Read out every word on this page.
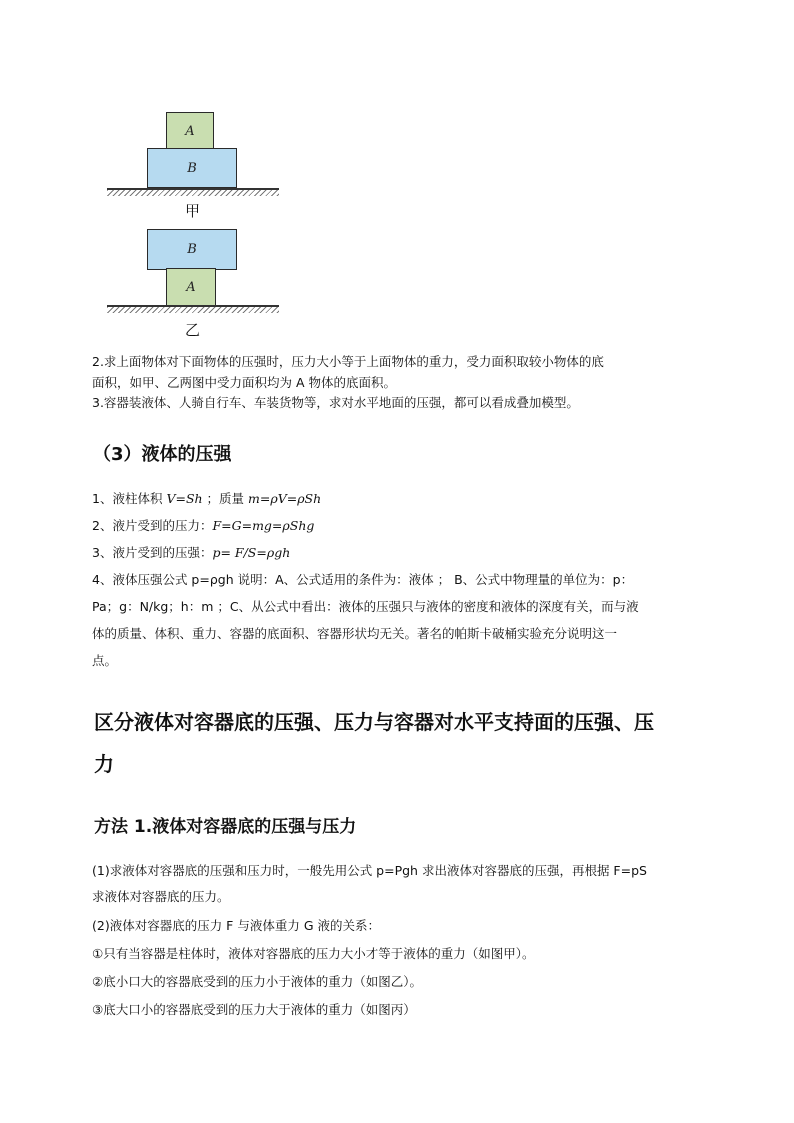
A
B
甲
B
A
乙
2.求上面物体对下面物体的压强时，压力大小等于上面物体的重力，受力面积取较小物体的底
面积，如甲、乙两图中受力面积均为 A 物体的底面积。
3.容器装液体、人骑自行车、车装货物等，求对水平地面的压强，都可以看成叠加模型。
（3）液体的压强
1、液柱体积 V=Sh ；质量 m=ρV=ρSh
2、液片受到的压力：F=G=mg=ρShg
3、液片受到的压强：p= F/S=ρgh
4、液体压强公式 p=ρgh 说明：A、公式适用的条件为：液体 ； B、公式中物理量的单位为：p：
Pa；g：N/kg；h：m ；C、从公式中看出：液体的压强只与液体的密度和液体的深度有关，而与液
体的质量、体积、重力、容器的底面积、容器形状均无关。著名的帕斯卡破桶实验充分说明这一
点。
区分液体对容器底的压强、压力与容器对水平支持面的压强、压
力
方法 1.液体对容器底的压强与压力
(1)求液体对容器底的压强和压力时，一般先用公式 p=Pgh 求出液体对容器底的压强，再根据 F=pS
求液体对容器底的压力。
(2)液体对容器底的压力 F 与液体重力 G 液的关系：
①只有当容器是柱体时，液体对容器底的压力大小才等于液体的重力（如图甲）。
②底小口大的容器底受到的压力小于液体的重力（如图乙）。
③底大口小的容器底受到的压力大于液体的重力（如图丙）
